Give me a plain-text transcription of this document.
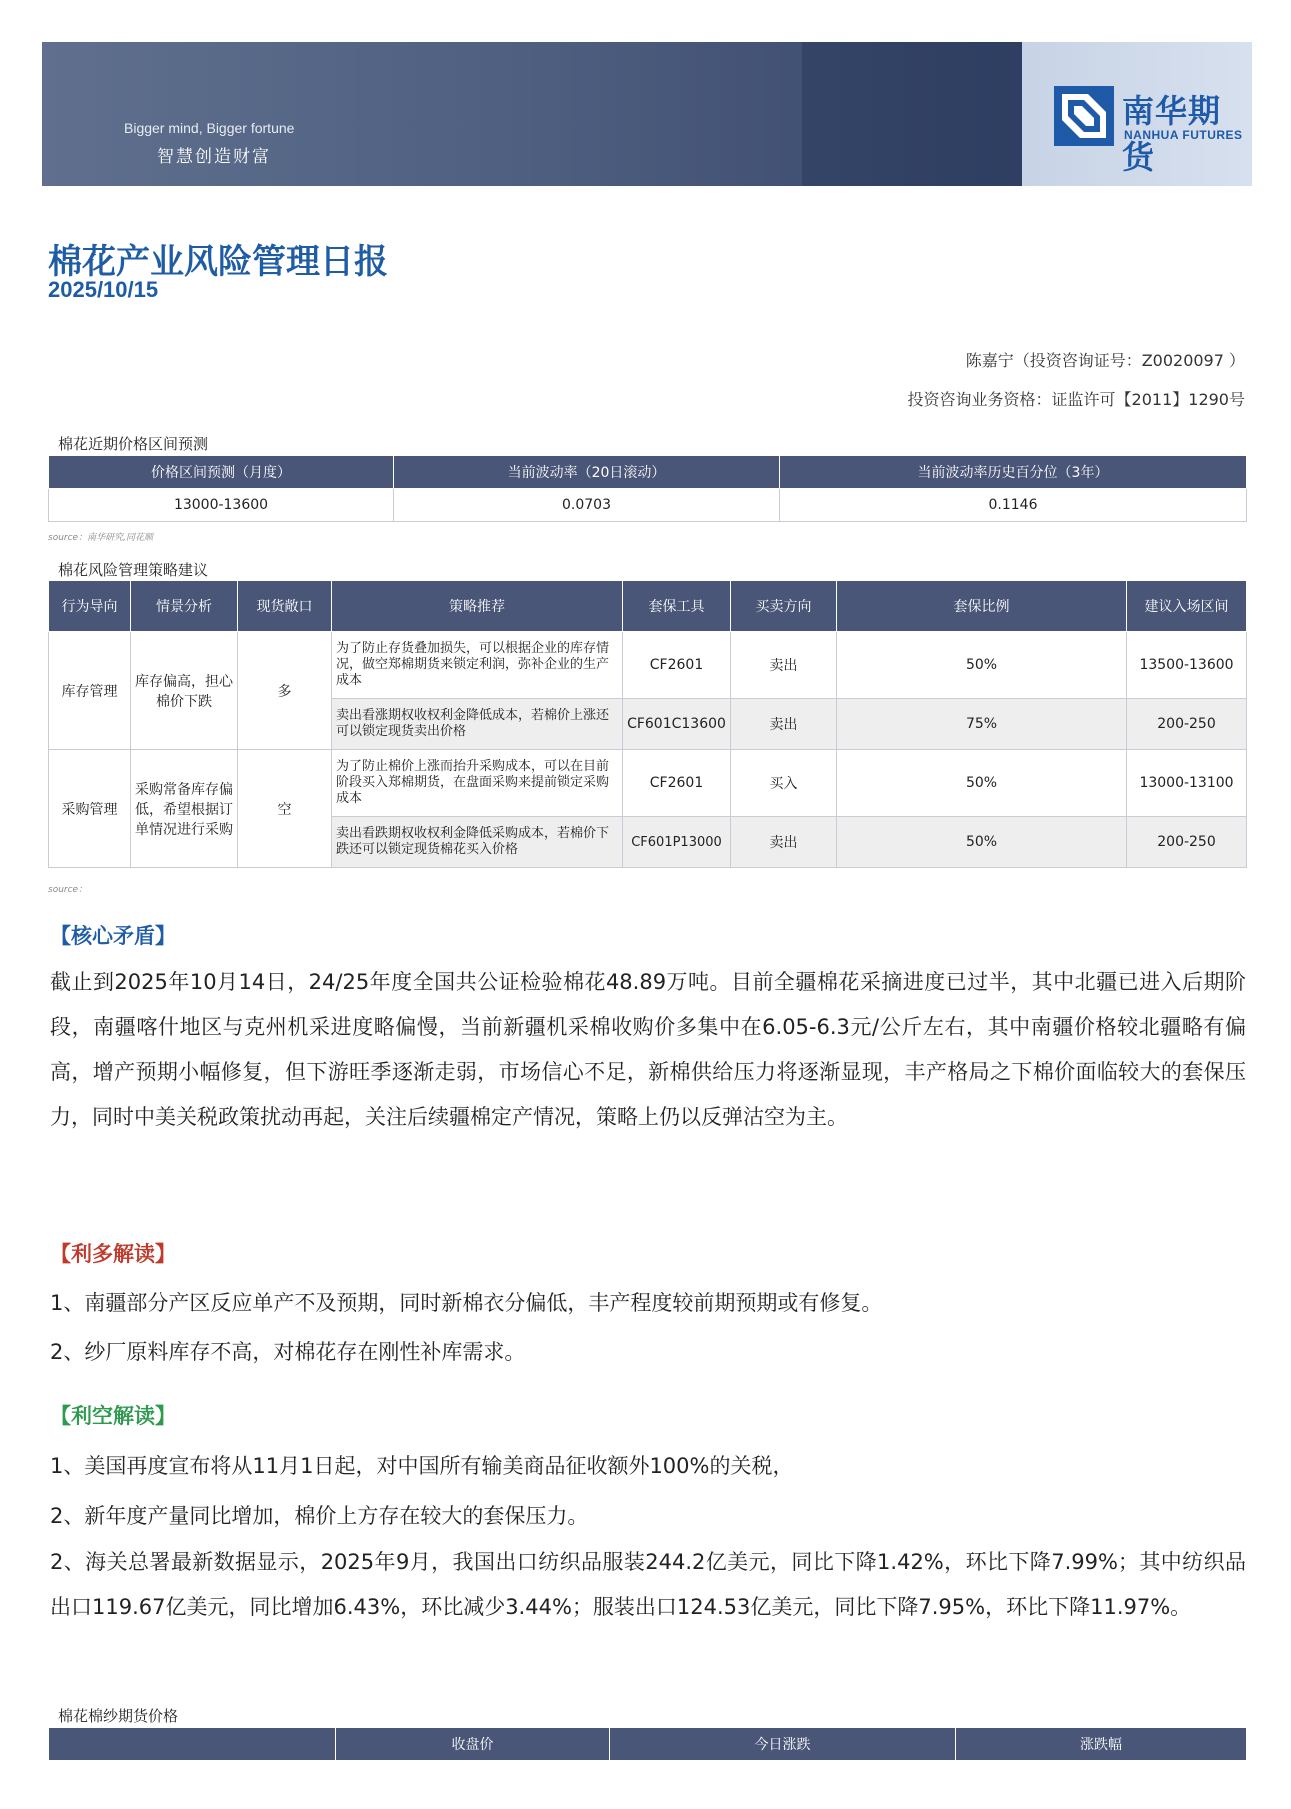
Bigger mind, Bigger fortune
智慧创造财富
南华期货
NANHUA FUTURES
棉花产业风险管理日报
2025/10/15
陈嘉宁（投资咨询证号：Z0020097 ）
投资咨询业务资格：证监许可【2011】1290号
棉花近期价格区间预测
价格区间预测（月度）	当前波动率（20日滚动）	当前波动率历史百分位（3年）
13000-13600	0.0703	0.1146
source：南华研究,同花顺
棉花风险管理策略建议
行为导向	情景分析	现货敞口	策略推荐	套保工具	买卖方向	套保比例	建议入场区间
库存管理	库存偏高，担心棉价下跌	多	为了防止存货叠加损失，可以根据企业的库存情况，做空郑棉期货来锁定利润，弥补企业的生产成本	CF2601	卖出	50%	13500-13600
			卖出看涨期权收权利金降低成本，若棉价上涨还可以锁定现货卖出价格	CF601C13600	卖出	75%	200-250
采购管理	采购常备库存偏低，希望根据订单情况进行采购	空	为了防止棉价上涨而抬升采购成本，可以在目前阶段买入郑棉期货，在盘面采购来提前锁定采购成本	CF2601	买入	50%	13000-13100
			卖出看跌期权收权利金降低采购成本，若棉价下跌还可以锁定现货棉花买入价格	CF601P13000	卖出	50%	200-250
source：
【核心矛盾】
截止到2025年10月14日，24/25年度全国共公证检验棉花48.89万吨。目前全疆棉花采摘进度已过半，其中北疆已进入后期阶段，南疆喀什地区与克州机采进度略偏慢，当前新疆机采棉收购价多集中在6.05-6.3元/公斤左右，其中南疆价格较北疆略有偏高，增产预期小幅修复，但下游旺季逐渐走弱，市场信心不足，新棉供给压力将逐渐显现，丰产格局之下棉价面临较大的套保压力，同时中美关税政策扰动再起，关注后续疆棉定产情况，策略上仍以反弹沽空为主。
【利多解读】
1、南疆部分产区反应单产不及预期，同时新棉衣分偏低，丰产程度较前期预期或有修复。
2、纱厂原料库存不高，对棉花存在刚性补库需求。
【利空解读】
1、美国再度宣布将从11月1日起，对中国所有输美商品征收额外100%的关税，
2、新年度产量同比增加，棉价上方存在较大的套保压力。
2、海关总署最新数据显示，2025年9月，我国出口纺织品服装244.2亿美元，同比下降1.42%，环比下降7.99%；其中纺织品出口119.67亿美元，同比增加6.43%，环比减少3.44%；服装出口124.53亿美元，同比下降7.95%，环比下降11.97%。
棉花棉纱期货价格
	收盘价	今日涨跌	涨跌幅
